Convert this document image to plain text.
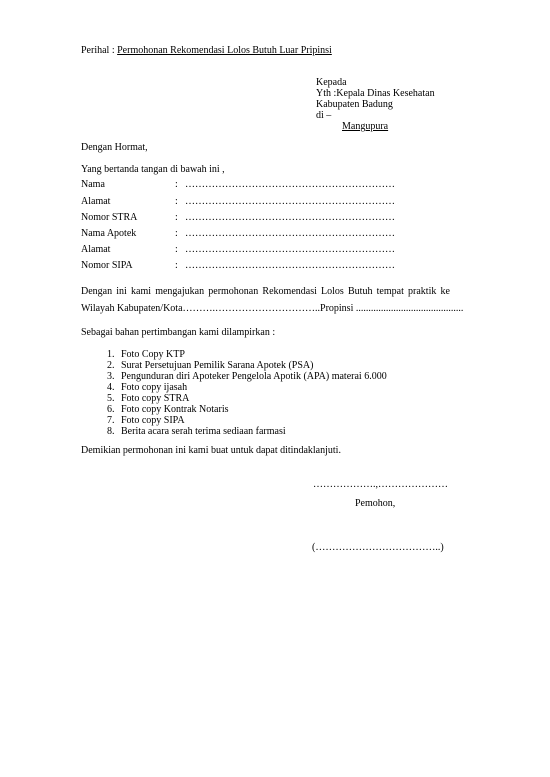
Perihal : Permohonan Rekomendasi Lolos Butuh Luar Pripinsi
Kepada
Yth :Kepala Dinas Kesehatan
Kabupaten Badung
di –
Mangupura
Dengan Hormat,
Yang bertanda tangan di bawah ini ,
Nama	: ………………………………………………………
Alamat	: ………………………………………………………
Nomor STRA	: ………………………………………………………
Nama Apotek	: ………………………………………………………
Alamat	: ………………………………………………………
Nomor SIPA	: ………………………………………………………
Dengan ini kami mengajukan permohonan Rekomendasi Lolos Butuh tempat praktik ke
Wilayah Kabupaten/Kota……….…………………………..Propinsi ...........................................
Sebagai bahan pertimbangan kami dilampirkan :
1. Foto Copy KTP
2. Surat Persetujuan Pemilik Sarana Apotek (PSA)
3. Pengunduran diri Apoteker Pengelola Apotik (APA) materai 6.000
4. Foto copy ijasah
5. Foto copy STRA
6. Foto copy Kontrak Notaris
7. Foto copy SIPA
8. Berita acara serah terima sediaan farmasi
Demikian permohonan ini kami buat untuk dapat ditindaklanjuti.
……………….,…………………
Pemohon,
(………………………………..)
